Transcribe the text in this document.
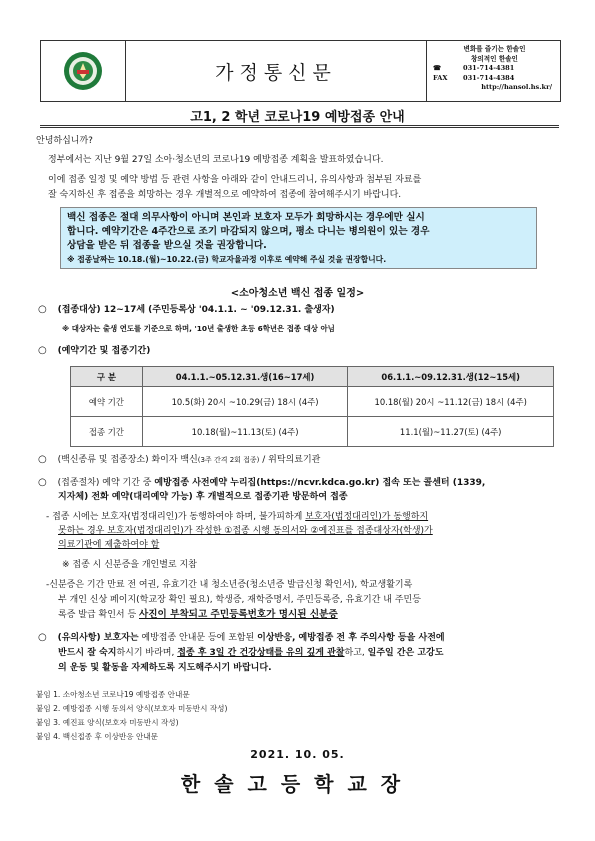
가정통신문
변화를 즐기는 한솔인
창의적인 한솔인
☎	031-714-4381
FAX	031-714-4384
http://hansol.hs.kr/
고1, 2 학년 코로나19 예방접종 안내
안녕하십니까?
정부에서는 지난 9월 27일 소아·청소년의 코로나19 예방접종 계획을 발표하였습니다.
이에 접종 일정 및 예약 방법 등 관련 사항을 아래와 같이 안내드리니, 유의사항과 첨부된 자료를
잘 숙지하신 후 접종을 희망하는 경우 개별적으로 예약하여 접종에 참여해주시기 바랍니다.
백신 접종은 절대 의무사항이 아니며 본인과 보호자 모두가 희망하시는 경우에만 실시
합니다. 예약기간은 4주간으로 조기 마감되지 않으며, 평소 다니는 병의원이 있는 경우
상담을 받은 뒤 접종을 받으실 것을 권장합니다.
※ 접종날짜는 10.18.(월)~10.22.(금) 학교자율과정 이후로 예약해 주실 것을 권장합니다.
<소아청소년 백신 접종 일정>
○ (접종대상) 12~17세 (주민등록상 '04.1.1. ~ '09.12.31. 출생자)
※ 대상자는 출생 연도를 기준으로 하며, '10년 출생한 초등 6학년은 접종 대상 아님
○ (예약기간 및 접종기간)
구 분	04.1.1.~05.12.31.생(16~17세)	06.1.1.~09.12.31.생(12~15세)
예약 기간	10.5(화) 20시 ~10.29(금) 18시 (4주)	10.18(월) 20시 ~11.12(금) 18시 (4주)
접종 기간	10.18(월)~11.13(토) (4주)	11.1(월)~11.27(토) (4주)
○ (백신종류 및 접종장소) 화이자 백신(3주 간격 2회 접종) / 위탁의료기관
○ (접종절차) 예약 기간 중 예방접종 사전예약 누리집(https://ncvr.kdca.go.kr) 접속 또는 콜센터 (1339,
지자체) 전화 예약(대리예약 가능) 후 개별적으로 접종기관 방문하여 접종
- 접종 시에는 보호자(법정대리인)가 동행하여야 하며, 불가피하게 보호자(법정대리인)가 동행하지
못하는 경우 보호자(법정대리인)가 작성한 ①접종 시행 동의서와 ②예진표를 접종대상자(학생)가
의료기관에 제출하여야 함
※ 접종 시 신분증을 개인별로 지참
-신분증은 기간 만료 전 여권, 유효기간 내 청소년증(청소년증 발급신청 확인서), 학교생활기록
부 개인 신상 페이지(학교장 확인 필요), 학생증, 재학증명서, 주민등록증, 유효기간 내 주민등
록증 발급 확인서 등 사진이 부착되고 주민등록번호가 명시된 신분증
○ (유의사항) 보호자는 예방접종 안내문 등에 포함된 이상반응, 예방접종 전 후 주의사항 등을 사전에
반드시 잘 숙지하시기 바라며, 접종 후 3일 간 건강상태를 유의 깊게 관찰하고, 일주일 간은 고강도
의 운동 및 활동을 자제하도록 지도해주시기 바랍니다.
붙임 1. 소아청소년 코로나19 예방접종 안내문
붙임 2. 예방접종 시행 동의서 양식(보호자 미동반시 작성)
붙임 3. 예진표 양식(보호자 미동반시 작성)
붙임 4. 백신접종 후 이상반응 안내문
2021. 10. 05.
한솔고등학교장
